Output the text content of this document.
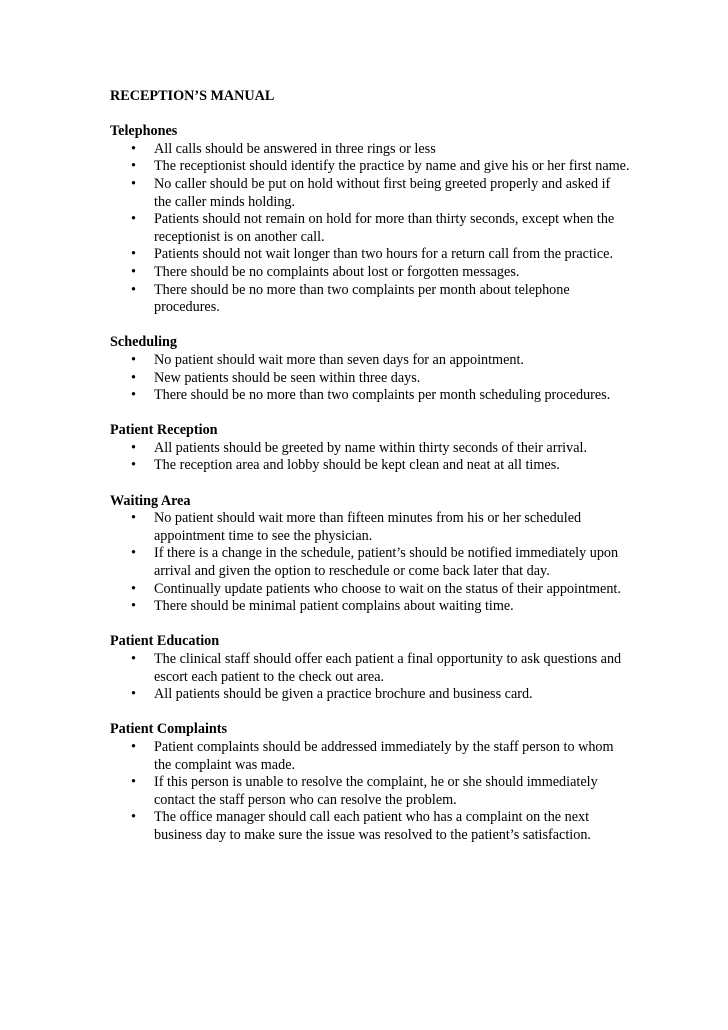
RECEPTION’S MANUAL
Telephones
• All calls should be answered in three rings or less
• The receptionist should identify the practice by name and give his or her first name.
• No caller should be put on hold without first being greeted properly and asked if the caller minds holding.
• Patients should not remain on hold for more than thirty seconds, except when the receptionist is on another call.
• Patients should not wait longer than two hours for a return call from the practice.
• There should be no complaints about lost or forgotten messages.
• There should be no more than two complaints per month about telephone procedures.
Scheduling
• No patient should wait more than seven days for an appointment.
• New patients should be seen within three days.
• There should be no more than two complaints per month scheduling procedures.
Patient Reception
• All patients should be greeted by name within thirty seconds of their arrival.
• The reception area and lobby should be kept clean and neat at all times.
Waiting Area
• No patient should wait more than fifteen minutes from his or her scheduled appointment time to see the physician.
• If there is a change in the schedule, patient’s should be notified immediately upon arrival and given the option to reschedule or come back later that day.
• Continually update patients who choose to wait on the status of their appointment.
• There should be minimal patient complains about waiting time.
Patient Education
• The clinical staff should offer each patient a final opportunity to ask questions and escort each patient to the check out area.
• All patients should be given a practice brochure and business card.
Patient Complaints
• Patient complaints should be addressed immediately by the staff person to whom the complaint was made.
• If this person is unable to resolve the complaint, he or she should immediately contact the staff person who can resolve the problem.
• The office manager should call each patient who has a complaint on the next business day to make sure the issue was resolved to the patient’s satisfaction.
